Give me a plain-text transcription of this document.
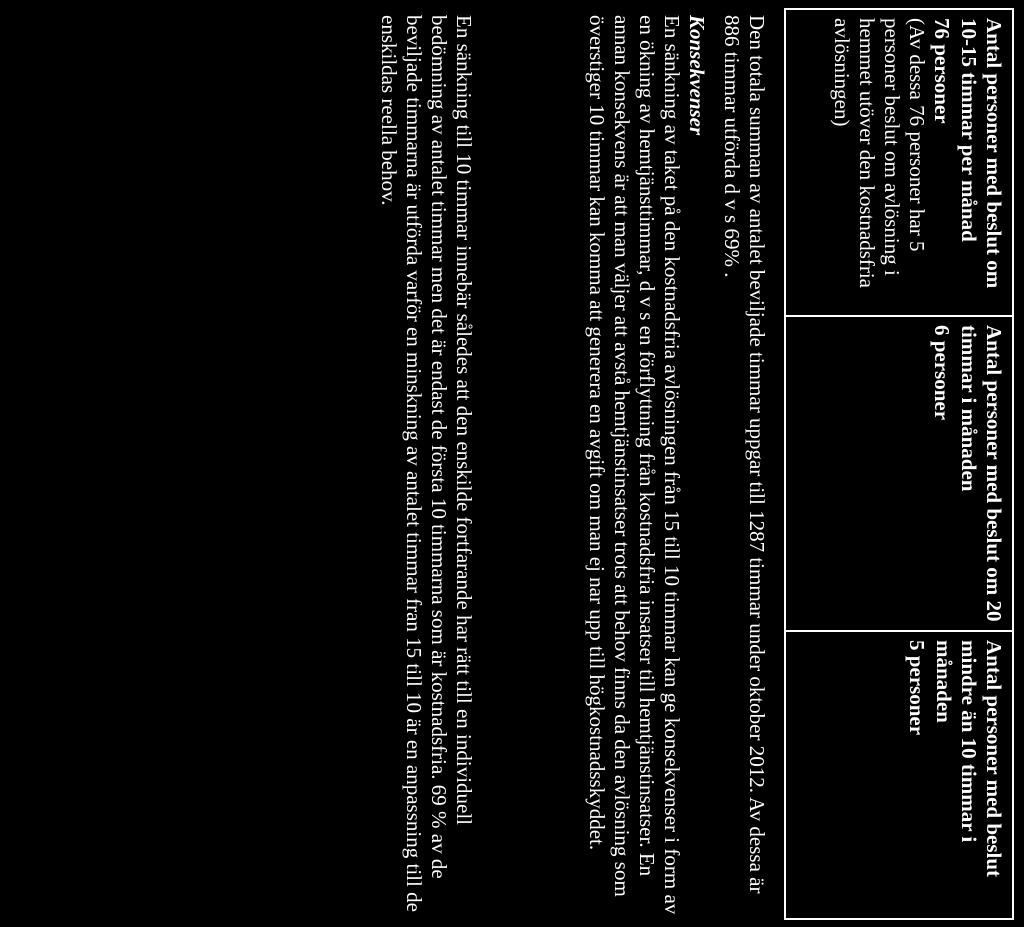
Antal personer med beslut om 10-15 timmar per månad
76 personer
(Av dessa 76 personer har 5 personer beslut om avlösning i hemmet utöver den kostnadsfria avlösningen)

Antal personer med beslut om 20 timmar i månaden
6 personer

Antal personer med beslut mindre än 10 timmar i månaden
5 personer

Den totala summan av antalet beviljade timmar uppgar till 1287 timmar under oktober 2012. Av dessa är 886 timmar utförda d v s 69% .

Konsekvenser

En sänkning av taket på den kostnadsfria avlösningen från 15 till 10 timmar kan ge konsekvenser i form av en ökning av hemtjänsttimmar, d v s en förflyttning från kostnadsfria insatser till hemtjänstinsatser. En annan konsekvens är att man väljer att avstå hemtjänstinsatser trots att behov finns da den avlösning som överstiger 10 timmar kan komma att generera en avgift om man ej nar upp till högkostnadsskyddet.

En sänkning till 10 timmar innebär således att den enskilde fortfarande har rätt till en individuell bedömning av antalet timmar men det är endast de första 10 timmarna som är kostnadsfria. 69 % av de beviljade timmarna är utförda varför en minskning av antalet timmar fran 15 till 10 är en anpassning till de enskildas reella behov.
